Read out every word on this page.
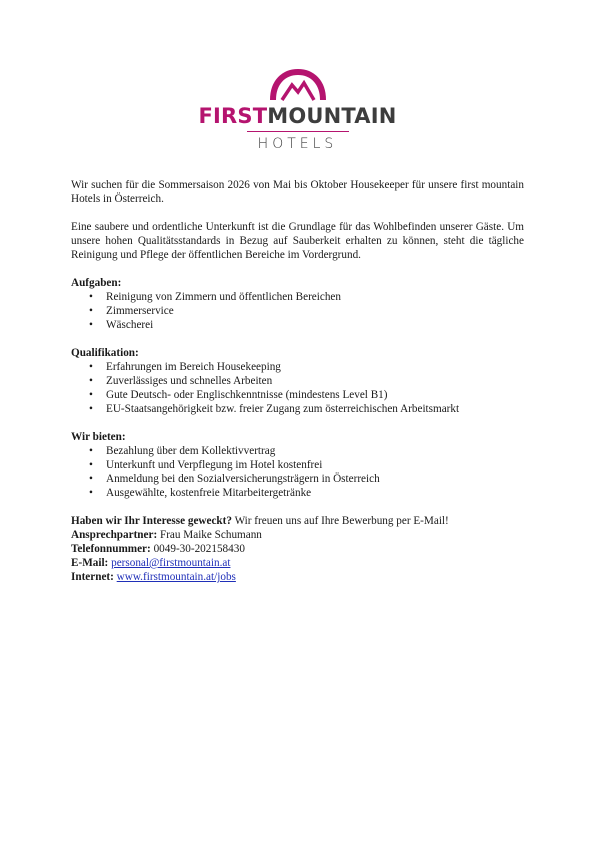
FIRSTMOUNTAIN
HOTELS

Wir suchen für die Sommersaison 2026 von Mai bis Oktober Housekeeper für unsere first mountain Hotels in Österreich.

Eine saubere und ordentliche Unterkunft ist die Grundlage für das Wohlbefinden unserer Gäste. Um unsere hohen Qualitätsstandards in Bezug auf Sauberkeit erhalten zu können, steht die tägliche Reinigung und Pflege der öffentlichen Bereiche im Vordergrund.

Aufgaben:

• Reinigung von Zimmern und öffentlichen Bereichen
• Zimmerservice
• Wäscherei

Qualifikation:

• Erfahrungen im Bereich Housekeeping
• Zuverlässiges und schnelles Arbeiten
• Gute Deutsch- oder Englischkenntnisse (mindestens Level B1)
• EU-Staatsangehörigkeit bzw. freier Zugang zum österreichischen Arbeitsmarkt

Wir bieten:

• Bezahlung über dem Kollektivvertrag
• Unterkunft und Verpflegung im Hotel kostenfrei
• Anmeldung bei den Sozialversicherungsträgern in Österreich
• Ausgewählte, kostenfreie Mitarbeitergetränke

Haben wir Ihr Interesse geweckt? Wir freuen uns auf Ihre Bewerbung per E-Mail!

Ansprechpartner: Frau Maike Schumann

Telefonnummer: 0049-30-202158430

E-Mail: personal@firstmountain.at

Internet: www.firstmountain.at/jobs
